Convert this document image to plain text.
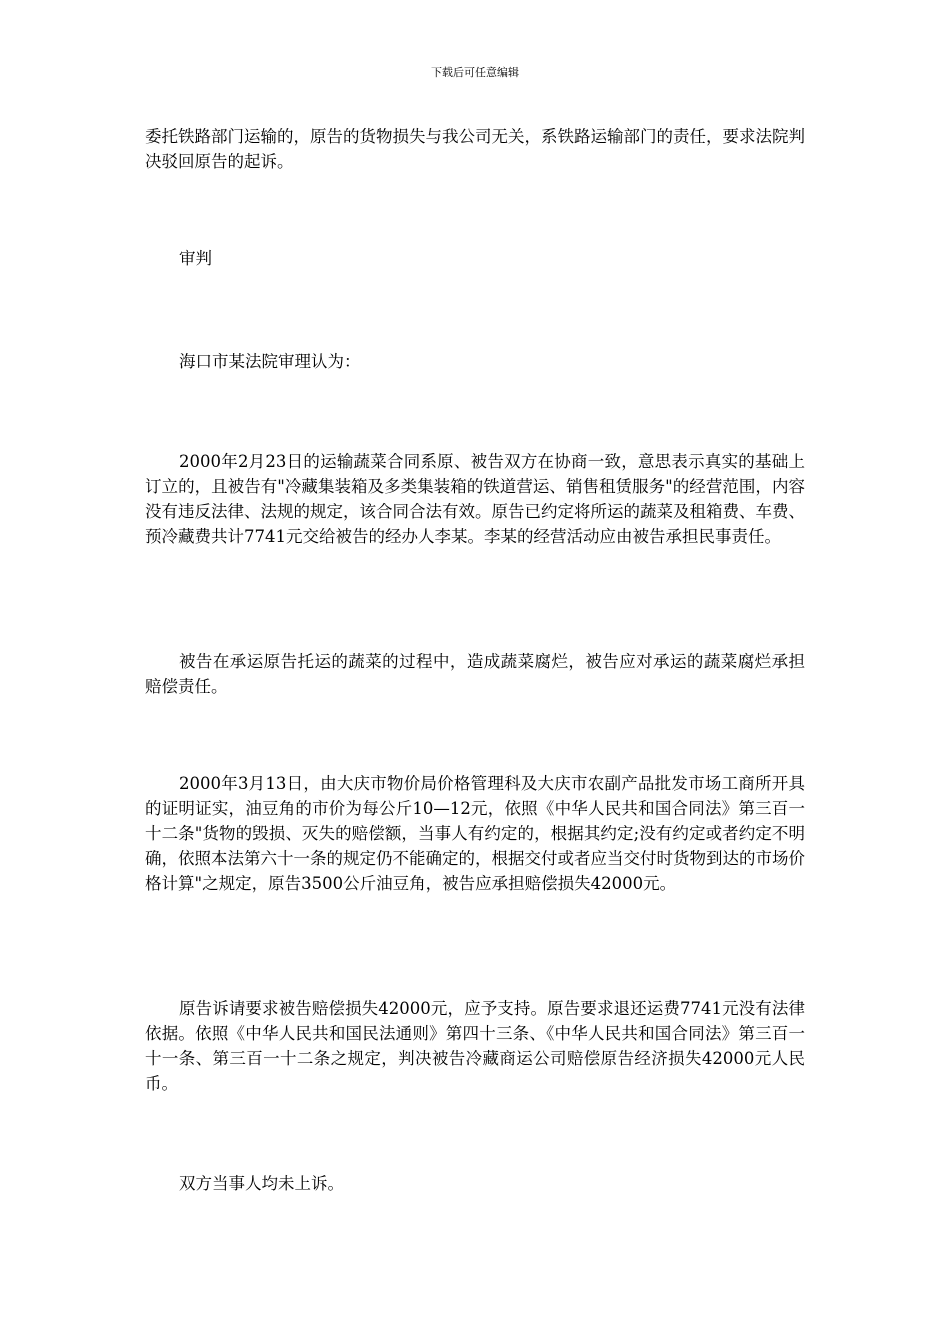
下载后可任意编辑

委托铁路部门运输的，原告的货物损失与我公司无关，系铁路运输部门的责任，要求法院判决驳回原告的起诉。

审判

海口市某法院审理认为：

2000年2月23日的运输蔬菜合同系原、被告双方在协商一致，意思表示真实的基础上订立的，且被告有"冷藏集装箱及多类集装箱的铁道营运、销售租赁服务"的经营范围，内容没有违反法律、法规的规定，该合同合法有效。原告已约定将所运的蔬菜及租箱费、车费、预冷藏费共计7741元交给被告的经办人李某。李某的经营活动应由被告承担民事责任。

被告在承运原告托运的蔬菜的过程中，造成蔬菜腐烂，被告应对承运的蔬菜腐烂承担赔偿责任。

2000年3月13日，由大庆市物价局价格管理科及大庆市农副产品批发市场工商所开具的证明证实，油豆角的市价为每公斤10—12元，依照《中华人民共和国合同法》第三百一十二条"货物的毁损、灭失的赔偿额，当事人有约定的，根据其约定;没有约定或者约定不明确，依照本法第六十一条的规定仍不能确定的，根据交付或者应当交付时货物到达的市场价格计算"之规定，原告3500公斤油豆角，被告应承担赔偿损失42000元。

原告诉请要求被告赔偿损失42000元，应予支持。原告要求退还运费7741元没有法律依据。依照《中华人民共和国民法通则》第四十三条、《中华人民共和国合同法》第三百一十一条、第三百一十二条之规定，判决被告冷藏商运公司赔偿原告经济损失42000元人民币。

双方当事人均未上诉。
